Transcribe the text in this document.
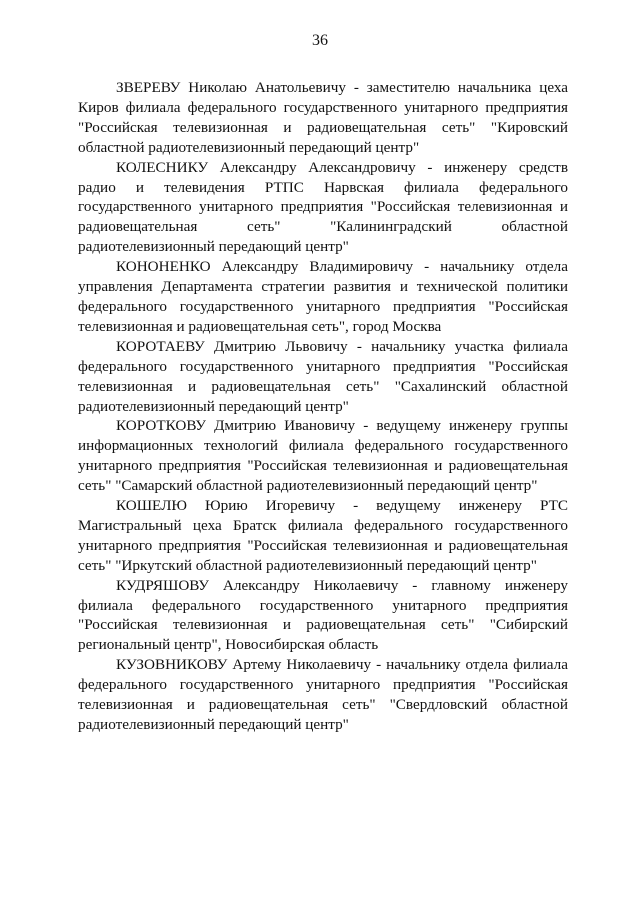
36

ЗВЕРЕВУ Николаю Анатольевичу - заместителю начальника цеха Киров филиала федерального государственного унитарного предприятия "Российская телевизионная и радиовещательная сеть" "Кировский областной радиотелевизионный передающий центр"

КОЛЕСНИКУ Александру Александровичу - инженеру средств радио и телевидения РТПС Нарвская филиала федерального государственного унитарного предприятия "Российская телевизионная и радиовещательная сеть" "Калининградский областной радиотелевизионный передающий центр"

КОНОНЕНКО Александру Владимировичу - начальнику отдела управления Департамента стратегии развития и технической политики федерального государственного унитарного предприятия "Российская телевизионная и радиовещательная сеть", город Москва

КОРОТАЕВУ Дмитрию Львовичу - начальнику участка филиала федерального государственного унитарного предприятия "Российская телевизионная и радиовещательная сеть" "Сахалинский областной радиотелевизионный передающий центр"

КОРОТКОВУ Дмитрию Ивановичу - ведущему инженеру группы информационных технологий филиала федерального государственного унитарного предприятия "Российская телевизионная и радиовещательная сеть" "Самарский областной радиотелевизионный передающий центр"

КОШЕЛЮ Юрию Игоревичу - ведущему инженеру РТС Магистральный цеха Братск филиала федерального государственного унитарного предприятия "Российская телевизионная и радиовещательная сеть" "Иркутский областной радиотелевизионный передающий центр"

КУДРЯШОВУ Александру Николаевичу - главному инженеру филиала федерального государственного унитарного предприятия "Российская телевизионная и радиовещательная сеть" "Сибирский региональный центр", Новосибирская область

КУЗОВНИКОВУ Артему Николаевичу - начальнику отдела филиала федерального государственного унитарного предприятия "Российская телевизионная и радиовещательная сеть" "Свердловский областной радиотелевизионный передающий центр"
